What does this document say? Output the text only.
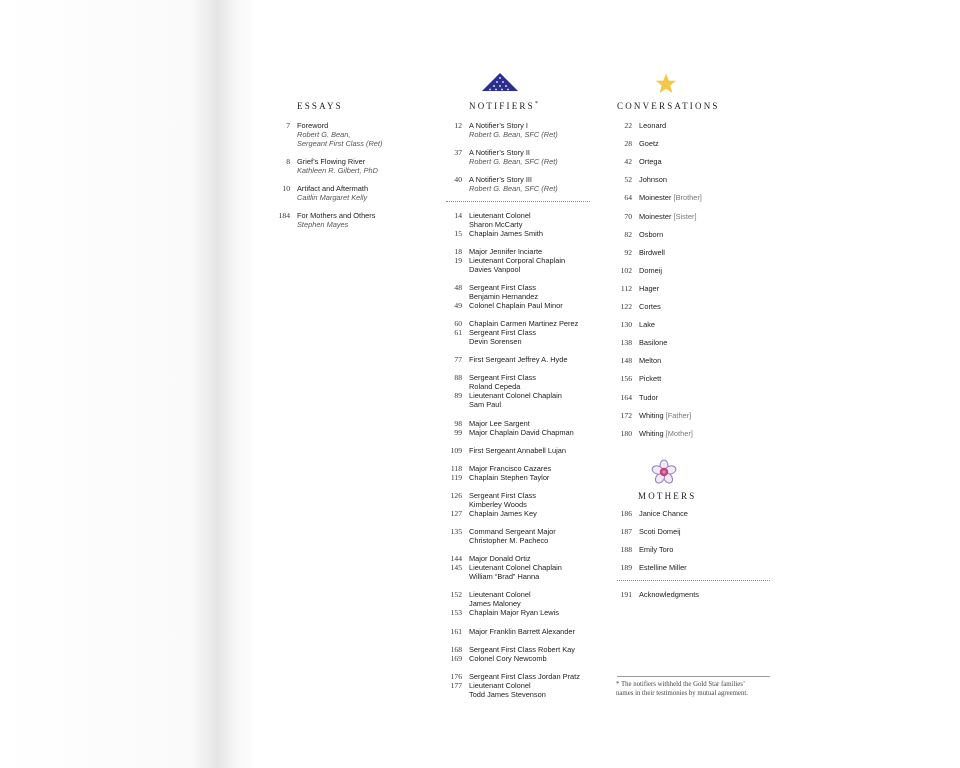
ESSAYS
7 Foreword
Robert G. Bean,
Sergeant First Class (Ret)
8 Grief’s Flowing River
Kathleen R. Gilbert, PhD
10 Artifact and Aftermath
Caitlin Margaret Kelly
184 For Mothers and Others
Stephen Mayes
NOTIFIERS*
12 A Notifier’s Story I
Robert G. Bean, SFC (Ret)
37 A Notifier’s Story II
Robert G. Bean, SFC (Ret)
40 A Notifier’s Story III
Robert G. Bean, SFC (Ret)
14 Lieutenant Colonel
Sharon McCarty
15 Chaplain James Smith
18 Major Jennifer Inciarte
19 Lieutenant Corporal Chaplain
Davies Vanpool
48 Sergeant First Class
Benjamin Hernandez
49 Colonel Chaplain Paul Minor
60 Chaplain Carmen Martinez Perez
61 Sergeant First Class
Devin Sorensen
77 First Sergeant Jeffrey A. Hyde
88 Sergeant First Class
Roland Cepeda
89 Lieutenant Colonel Chaplain
Sam Paul
98 Major Lee Sargent
99 Major Chaplain David Chapman
109 First Sergeant Annabell Lujan
118 Major Francisco Cazares
119 Chaplain Stephen Taylor
126 Sergeant First Class
Kimberley Woods
127 Chaplain James Key
135 Command Sergeant Major
Christopher M. Pacheco
144 Major Donald Ortiz
145 Lieutenant Colonel Chaplain
William “Brad” Hanna
152 Lieutenant Colonel
James Maloney
153 Chaplain Major Ryan Lewis
161 Major Franklin Barrett Alexander
168 Sergeant First Class Robert Kay
169 Colonel Cory Newcomb
176 Sergeant First Class Jordan Pratz
177 Lieutenant Colonel
Todd James Stevenson
CONVERSATIONS
MOTHERS
22 Leonard
28 Goetz
42 Ortega
52 Johnson
64 Moinester [Brother]
70 Moinester [Sister]
82 Osborn
92 Birdwell
102 Domeij
112 Hager
122 Cortes
130 Lake
138 Basilone
148 Melton
156 Pickett
164 Tudor
172 Whiting [Father]
180 Whiting [Mother]
186 Janice Chance
187 Scoti Domeij
188 Emily Toro
189 Estelline Miller
191 Acknowledgments
* The notifiers withheld the Gold Star families’
names in their testimonies by mutual agreement.
